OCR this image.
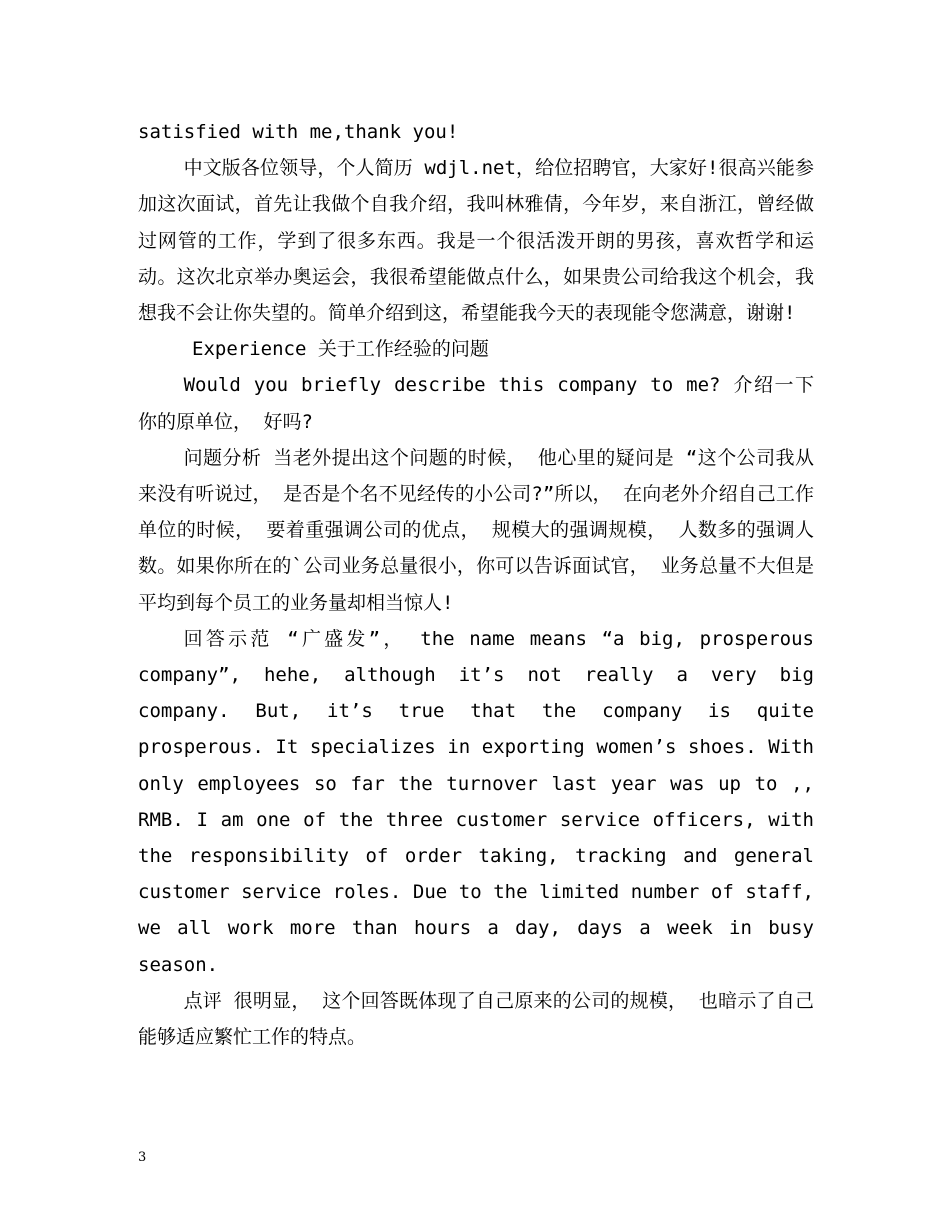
satisfied with me,thank you!

中文版各位领导，个人简历 wdjl.net，给位招聘官，大家好!很高兴能参加这次面试，首先让我做个自我介绍，我叫林雅倩，今年岁，来自浙江，曾经做过网管的工作，学到了很多东西。我是一个很活泼开朗的男孩，喜欢哲学和运动。这次北京举办奥运会，我很希望能做点什么，如果贵公司给我这个机会，我想我不会让你失望的。简单介绍到这，希望能我今天的表现能令您满意，谢谢!

Experience 关于工作经验的问题

Would you briefly describe this company to me? 介绍一下你的原单位， 好吗?

问题分析 当老外提出这个问题的时候， 他心里的疑问是 “这个公司我从来没有听说过， 是否是个名不见经传的小公司?”所以， 在向老外介绍自己工作单位的时候， 要着重强调公司的优点， 规模大的强调规模， 人数多的强调人数。如果你所在的`公司业务总量很小，你可以告诉面试官， 业务总量不大但是平均到每个员工的业务量却相当惊人!

回答示范 “广盛发”， the name means “a big, prosperous company”, hehe, although it’s not really a very big company. But, it’s true that the company is quite prosperous. It specializes in exporting women’s shoes. With only employees so far the turnover last year was up to ,, RMB. I am one of the three customer service officers, with the responsibility of order taking, tracking and general customer service roles. Due to the limited number of staff, we all work more than hours a day, days a week in busy season.

点评 很明显， 这个回答既体现了自己原来的公司的规模， 也暗示了自己能够适应繁忙工作的特点。

3
